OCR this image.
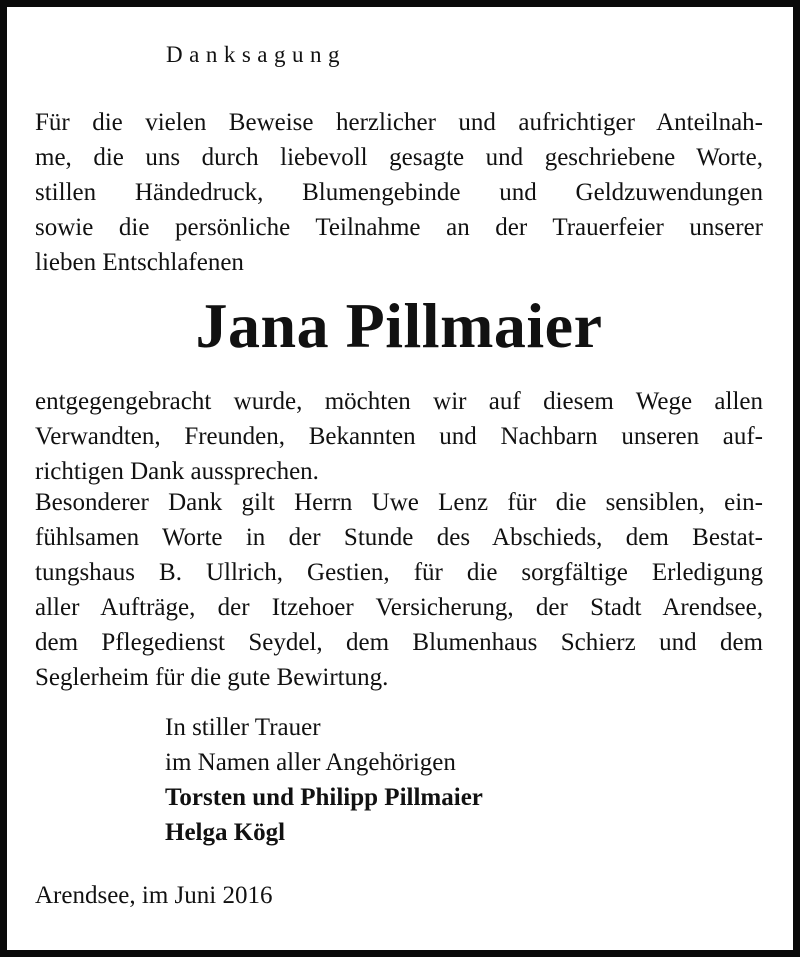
Danksagung
Für die vielen Beweise herzlicher und aufrichtiger Anteilnah-
me, die uns durch liebevoll gesagte und geschriebene Worte,
stillen Händedruck, Blumengebinde und Geldzuwendungen
sowie die persönliche Teilnahme an der Trauerfeier unserer
lieben Entschlafenen
Jana Pillmaier
entgegengebracht wurde, möchten wir auf diesem Wege allen
Verwandten, Freunden, Bekannten und Nachbarn unseren auf-
richtigen Dank aussprechen.
Besonderer Dank gilt Herrn Uwe Lenz für die sensiblen, ein-
fühlsamen Worte in der Stunde des Abschieds, dem Bestat-
tungshaus B. Ullrich, Gestien, für die sorgfältige Erledigung
aller Aufträge, der Itzehoer Versicherung, der Stadt Arendsee,
dem Pflegedienst Seydel, dem Blumenhaus Schierz und dem
Seglerheim für die gute Bewirtung.
In stiller Trauer
im Namen aller Angehörigen
Torsten und Philipp Pillmaier
Helga Kögl
Arendsee, im Juni 2016
